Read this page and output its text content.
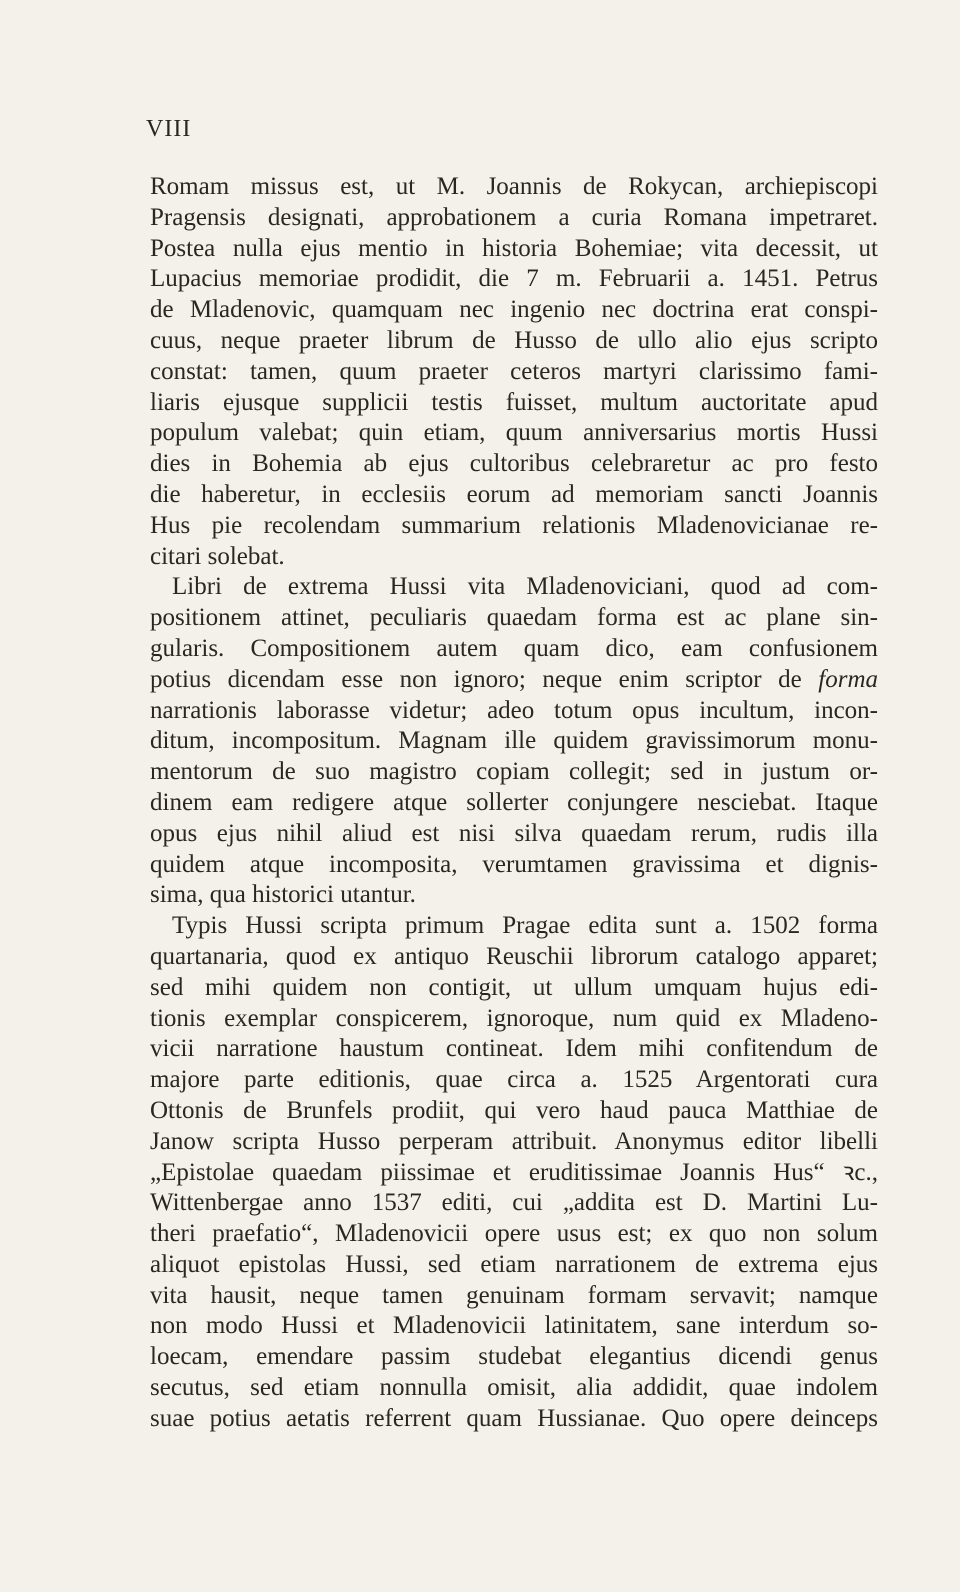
VIII
Romam missus est, ut M. Joannis de Rokycan, archiepiscopi
Pragensis designati, approbationem a curia Romana impetraret.
Postea nulla ejus mentio in historia Bohemiae; vita decessit, ut
Lupacius memoriae prodidit, die 7 m. Februarii a. 1451. Petrus
de Mladenovic, quamquam nec ingenio nec doctrina erat conspi-
cuus, neque praeter librum de Husso de ullo alio ejus scripto
constat: tamen, quum praeter ceteros martyri clarissimo fami-
liaris ejusque supplicii testis fuisset, multum auctoritate apud
populum valebat; quin etiam, quum anniversarius mortis Hussi
dies in Bohemia ab ejus cultoribus celebraretur ac pro festo
die haberetur, in ecclesiis eorum ad memoriam sancti Joannis
Hus pie recolendam summarium relationis Mladenovicianae re-
citari solebat.
Libri de extrema Hussi vita Mladenoviciani, quod ad com-
positionem attinet, peculiaris quaedam forma est ac plane sin-
gularis. Compositionem autem quam dico, eam confusionem
potius dicendam esse non ignoro; neque enim scriptor de forma
narrationis laborasse videtur; adeo totum opus incultum, incon-
ditum, incompositum. Magnam ille quidem gravissimorum monu-
mentorum de suo magistro copiam collegit; sed in justum or-
dinem eam redigere atque sollerter conjungere nesciebat. Itaque
opus ejus nihil aliud est nisi silva quaedam rerum, rudis illa
quidem atque incomposita, verumtamen gravissima et dignis-
sima, qua historici utantur.
Typis Hussi scripta primum Pragae edita sunt a. 1502 forma
quartanaria, quod ex antiquo Reuschii librorum catalogo apparet;
sed mihi quidem non contigit, ut ullum umquam hujus edi-
tionis exemplar conspicerem, ignoroque, num quid ex Mladeno-
vicii narratione haustum contineat. Idem mihi confitendum de
majore parte editionis, quae circa a. 1525 Argentorati cura
Ottonis de Brunfels prodiit, qui vero haud pauca Matthiae de
Janow scripta Husso perperam attribuit. Anonymus editor libelli
„Epistolae quaedam piissimae et eruditissimae Joannis Hus“ ꝛc.,
Wittenbergae anno 1537 editi, cui „addita est D. Martini Lu-
theri praefatio“, Mladenovicii opere usus est; ex quo non solum
aliquot epistolas Hussi, sed etiam narrationem de extrema ejus
vita hausit, neque tamen genuinam formam servavit; namque
non modo Hussi et Mladenovicii latinitatem, sane interdum so-
loecam, emendare passim studebat elegantius dicendi genus
secutus, sed etiam nonnulla omisit, alia addidit, quae indolem
suae potius aetatis referrent quam Hussianae. Quo opere deinceps
